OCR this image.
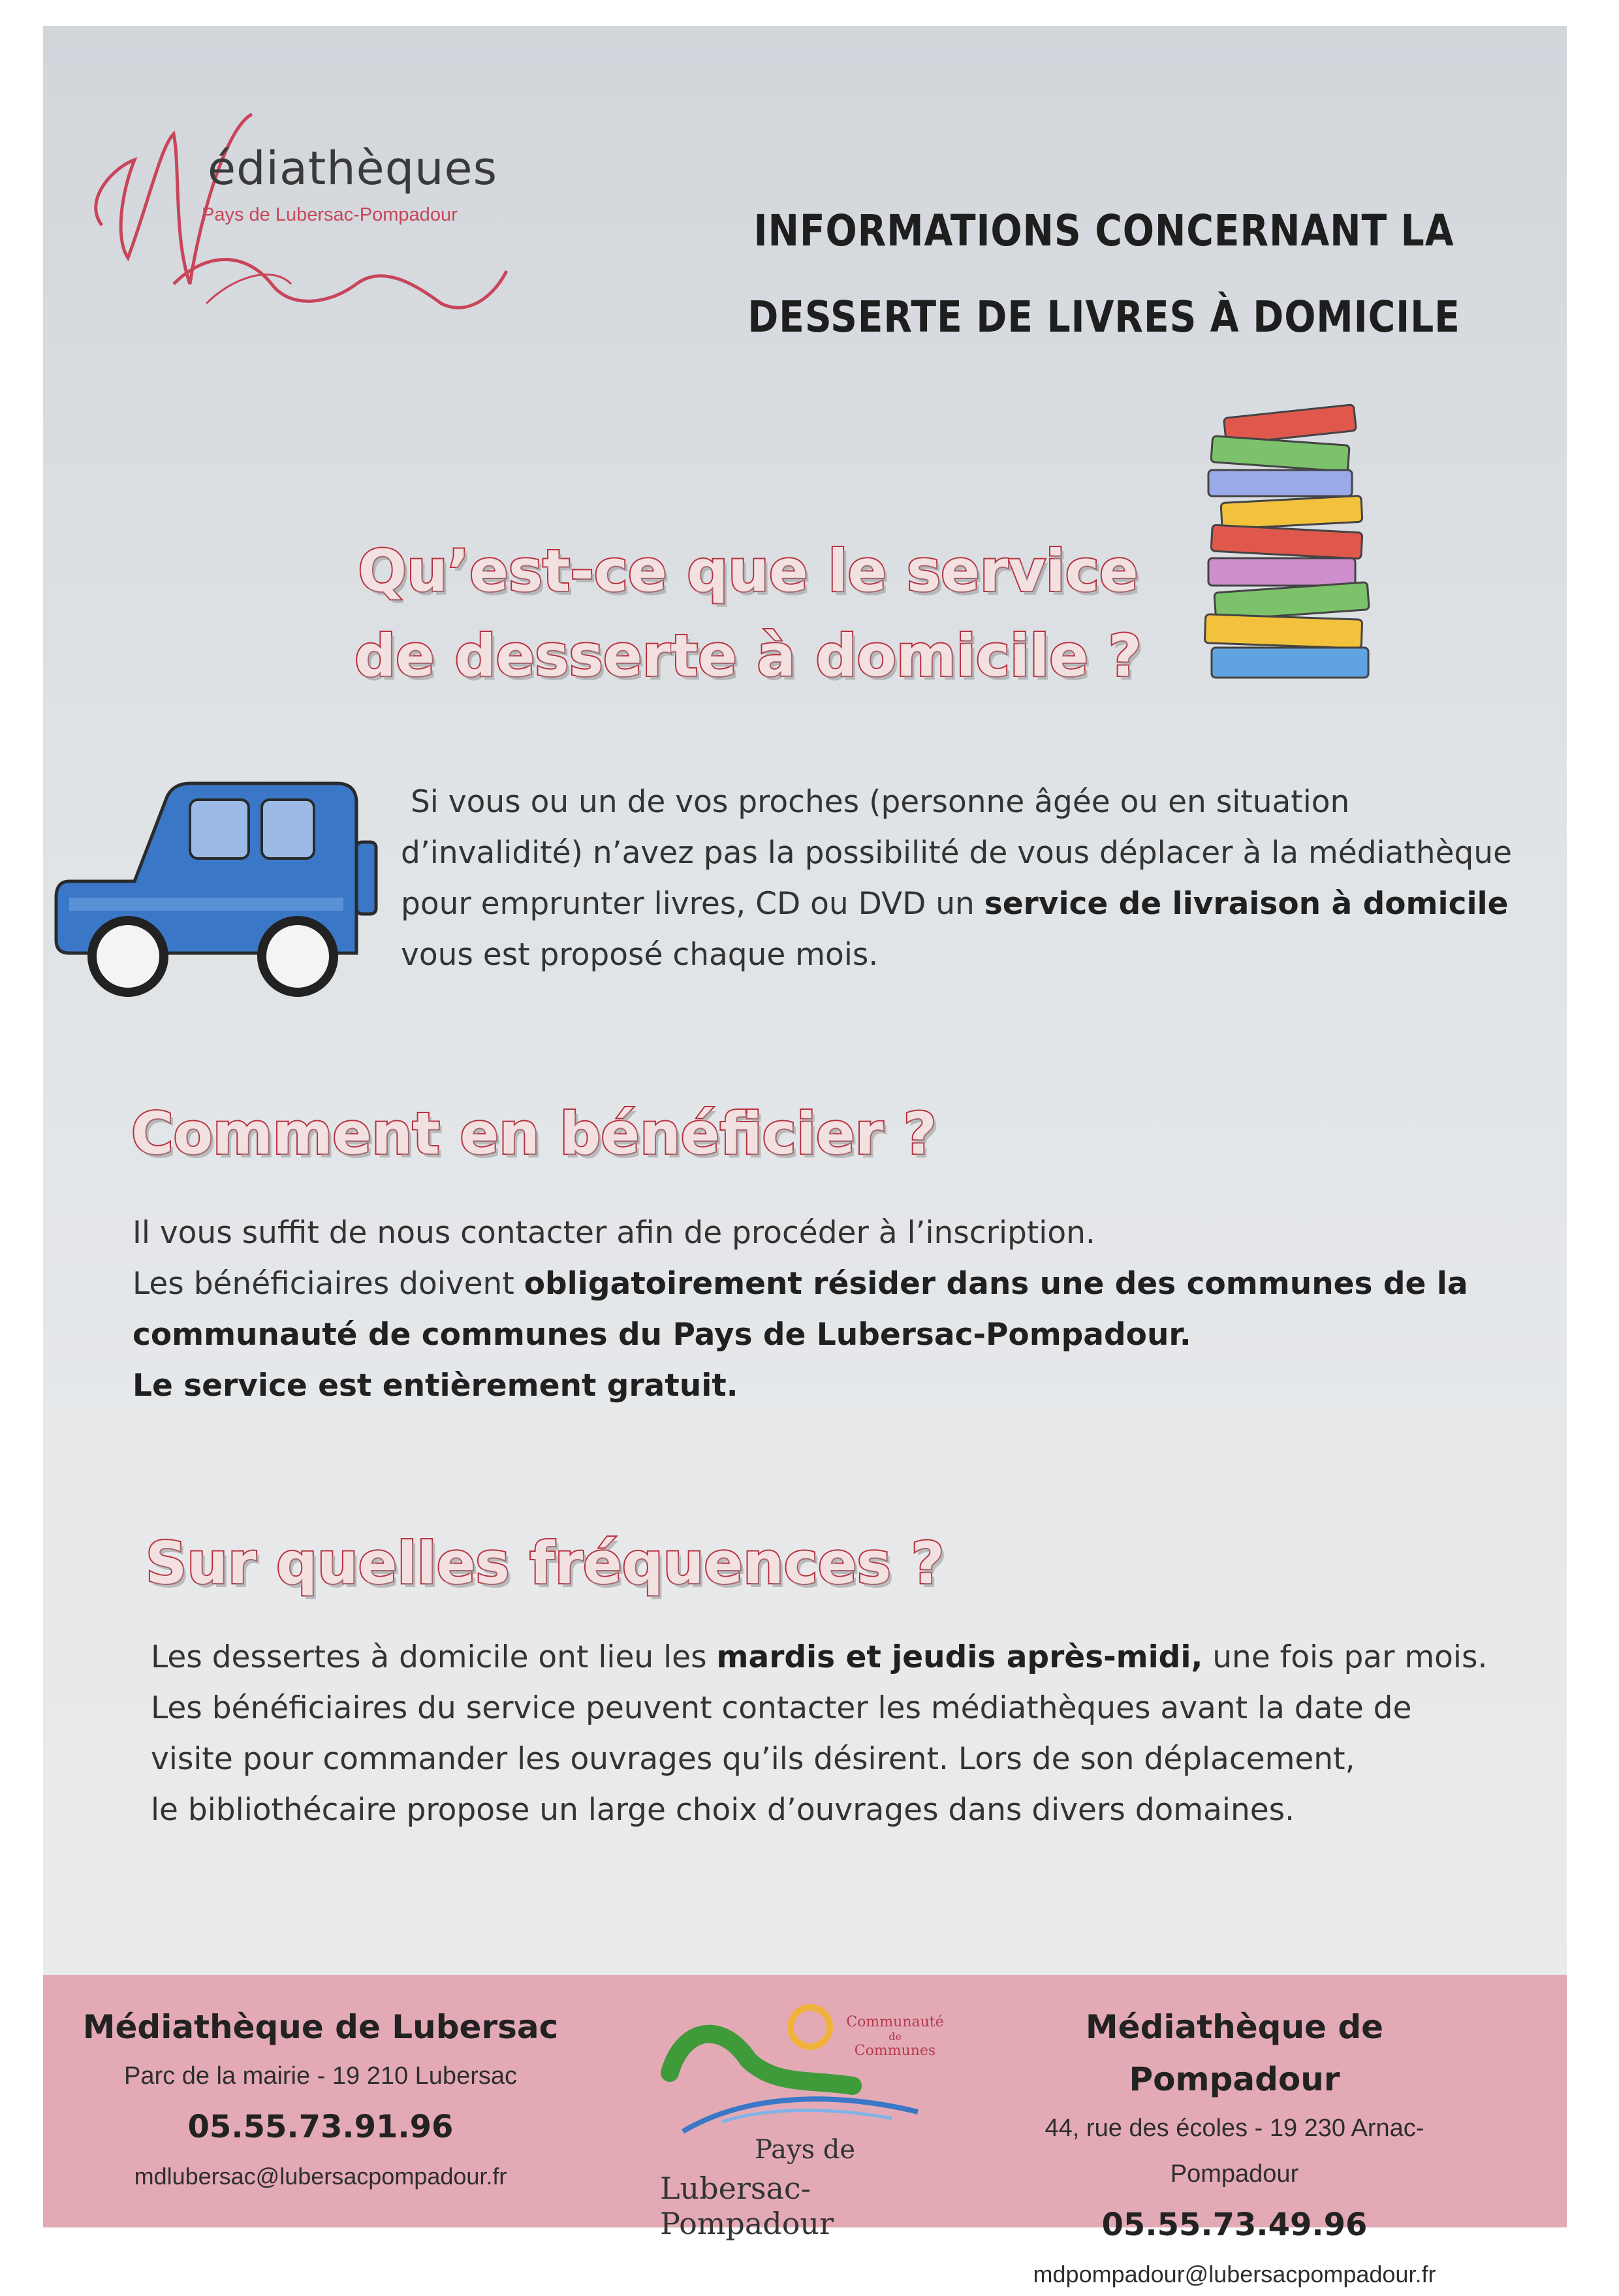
édiathèques
Pays de Lubersac-Pompadour	INFORMATIONS CONCERNANT LA
DESSERTE DE LIVRES À DOMICILE
Qu’est-ce que le service
de desserte à domicile ?
Si vous ou un de vos proches (personne âgée ou en situation
d’invalidité) n’avez pas la possibilité de vous déplacer à la médiathèque
pour emprunter livres, CD ou DVD un service de livraison à domicile
vous est proposé chaque mois.
Comment en bénéficier ?
Il vous suffit de nous contacter afin de procéder à l’inscription.
Les bénéficiaires doivent obligatoirement résider dans une des communes de la
communauté de communes du Pays de Lubersac-Pompadour.
Le service est entièrement gratuit.
Sur quelles fréquences ?
Les dessertes à domicile ont lieu les mardis et jeudis après-midi, une fois par mois.
Les bénéficiaires du service peuvent contacter les médiathèques avant la date de
visite pour commander les ouvrages qu’ils désirent. Lors de son déplacement,
le bibliothécaire propose un large choix d’ouvrages dans divers domaines.
Médiathèque de Lubersac
Parc de la mairie - 19 210 Lubersac
05.55.73.91.96
mdlubersac@lubersacpompadour.fr
Communauté
de
Communes
Pays de
Lubersac-Pompadour
Médiathèque de Pompadour
44, rue des écoles - 19 230 Arnac-Pompadour
05.55.73.49.96
mdpompadour@lubersacpompadour.fr
